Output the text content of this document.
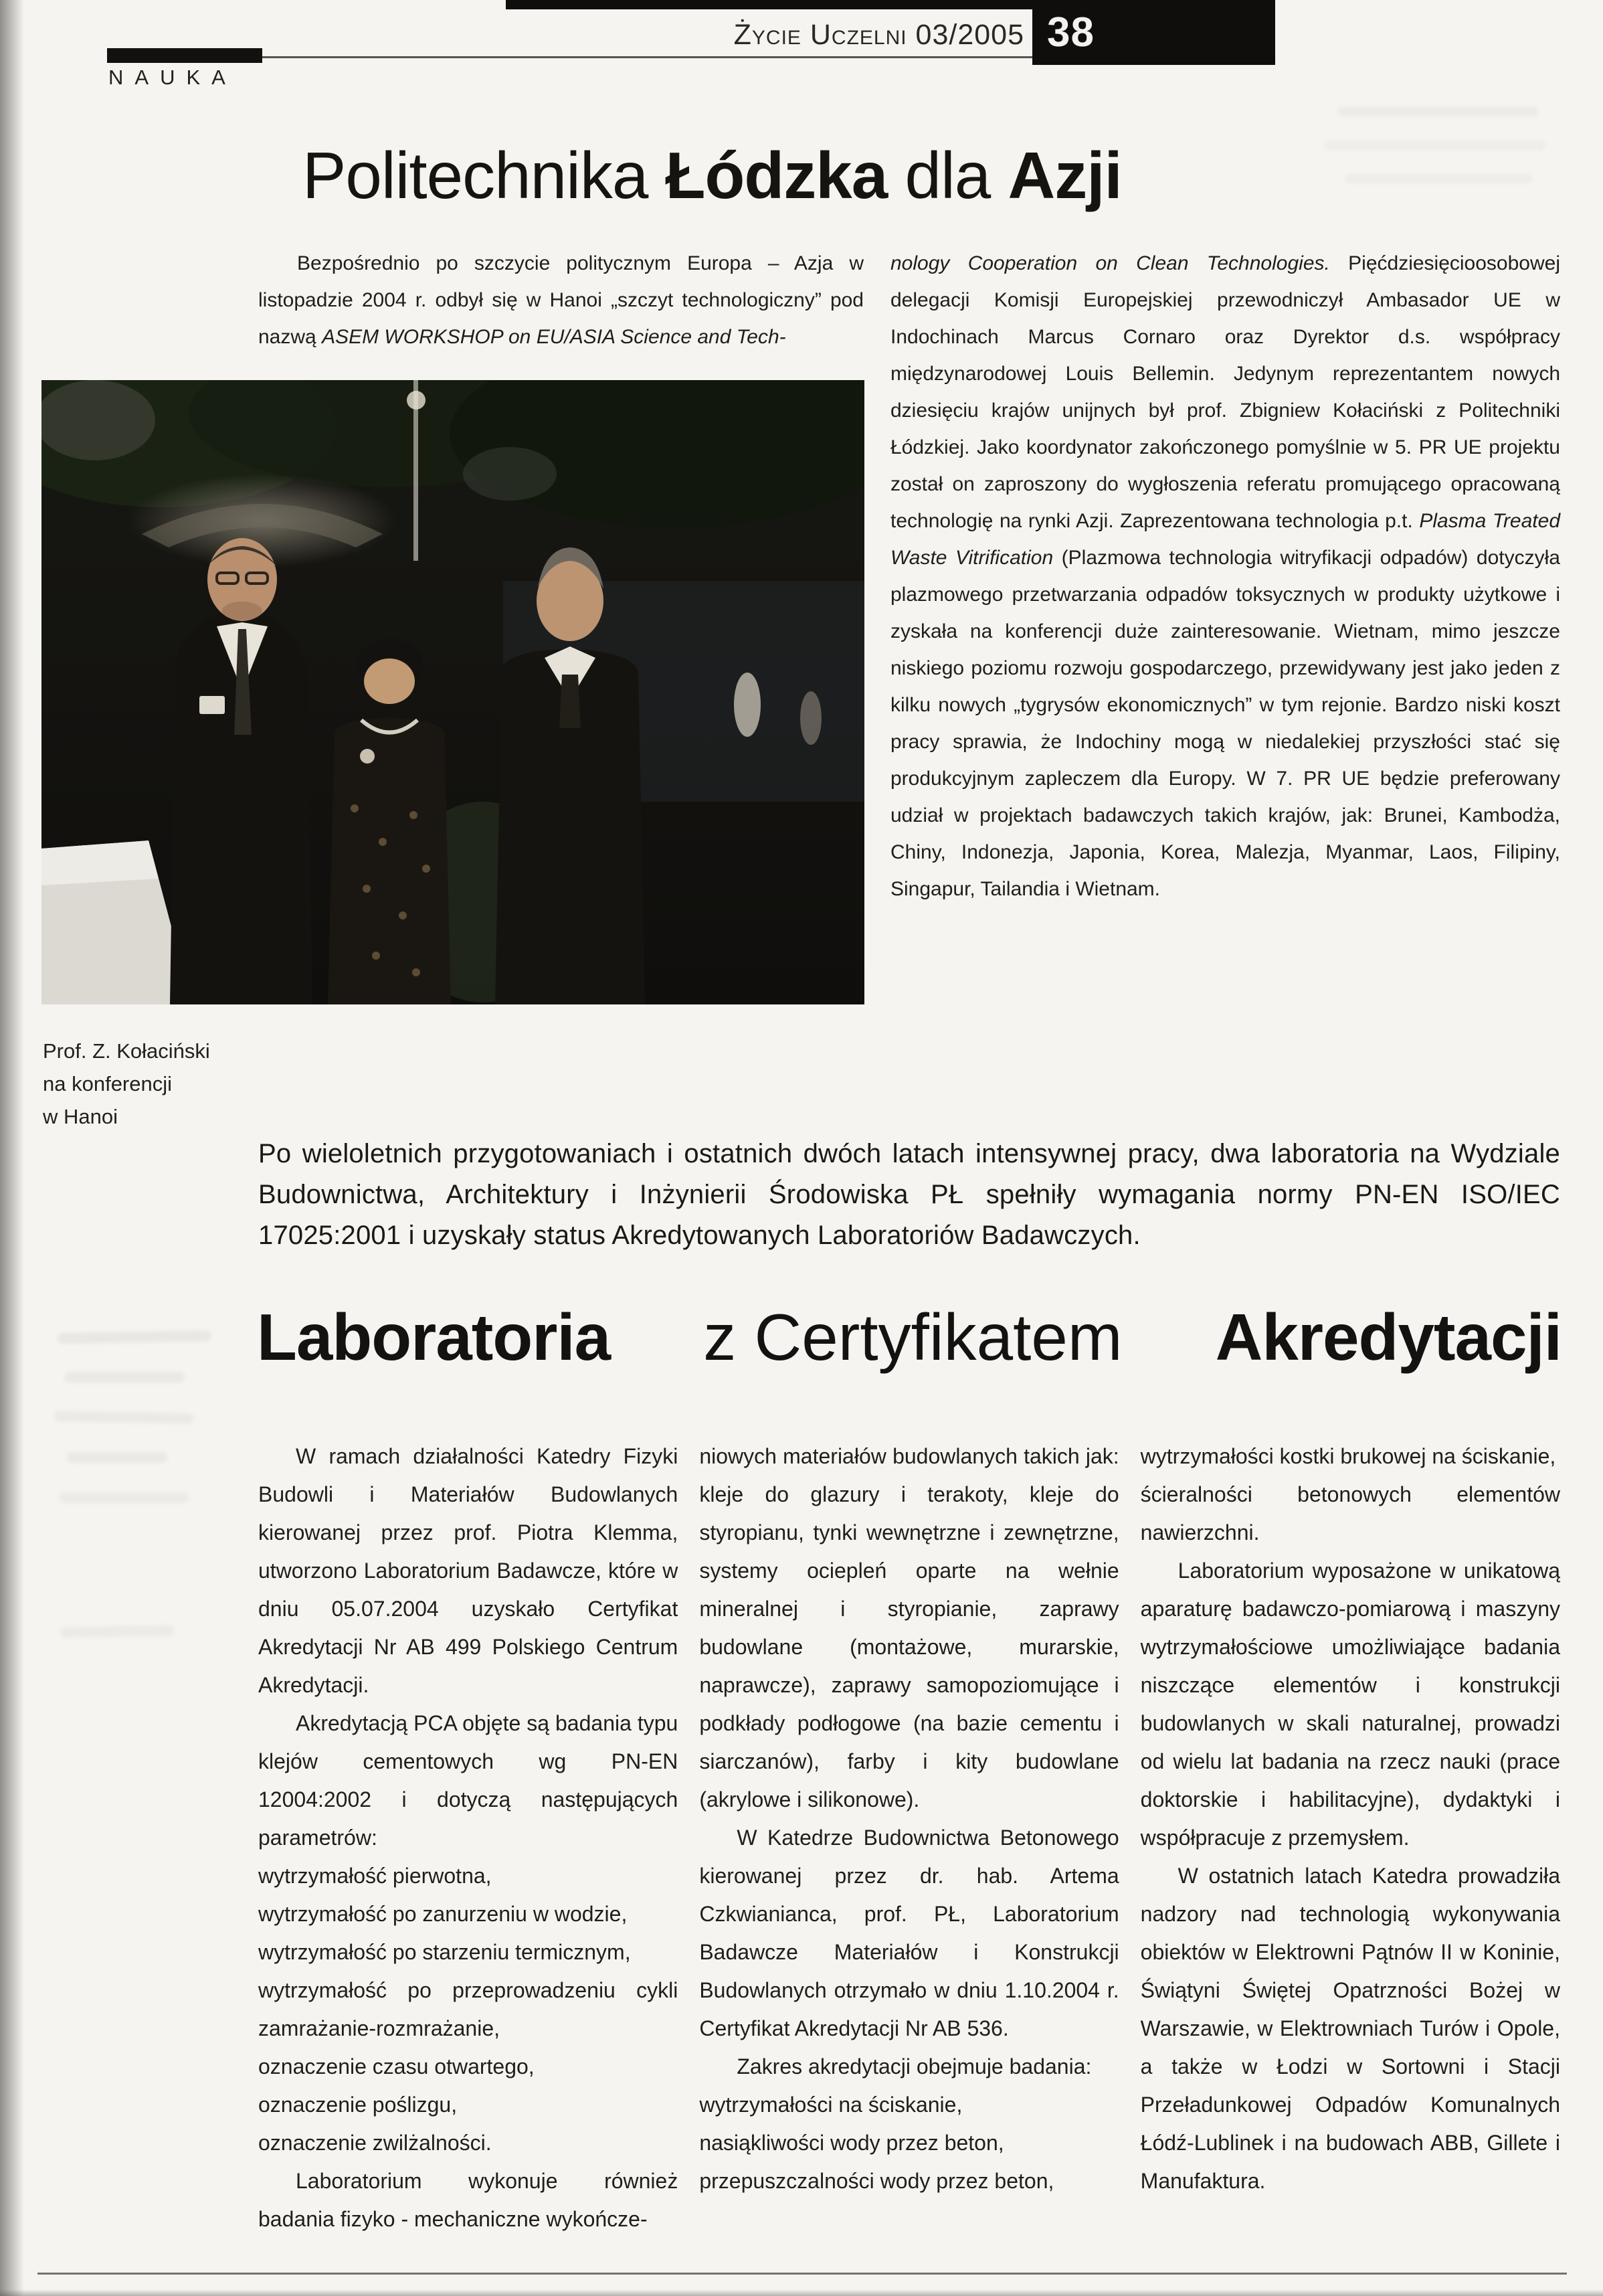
NAUKA
Życie Uczelni 03/2005 38
Politechnika Łódzka dla Azji

Bezpośrednio po szczycie politycznym Europa – Azja w listopadzie 2004 r. odbył się w Hanoi „szczyt technologiczny” pod nazwą ASEM WORKSHOP on EU/ASIA Science and Tech-

nology Cooperation on Clean Technologies. Pięćdziesięcioosobowej delegacji Komisji Europejskiej przewodniczył Ambasador UE w Indochinach Marcus Cornaro oraz Dyrektor d.s. współpracy międzynarodowej Louis Bellemin. Jedynym reprezentantem nowych dziesięciu krajów unijnych był prof. Zbigniew Kołaciński z Politechniki Łódzkiej. Jako koordynator zakończonego pomyślnie w 5. PR UE projektu został on zaproszony do wygłoszenia referatu promującego opracowaną technologię na rynki Azji. Zaprezentowana technologia p.t. Plasma Treated Waste Vitrification (Plazmowa technologia witryfikacji odpadów) dotyczyła plazmowego przetwarzania odpadów toksycznych w produkty użytkowe i zyskała na konferencji duże zainteresowanie. Wietnam, mimo jeszcze niskiego poziomu rozwoju gospodarczego, przewidywany jest jako jeden z kilku nowych „tygrysów ekonomicznych” w tym rejonie. Bardzo niski koszt pracy sprawia, że Indochiny mogą w niedalekiej przyszłości stać się produkcyjnym zapleczem dla Europy. W 7. PR UE będzie preferowany udział w projektach badawczych takich krajów, jak: Brunei, Kambodża, Chiny, Indonezja, Japonia, Korea, Malezja, Myanmar, Laos, Filipiny, Singapur, Tailandia i Wietnam.

Prof. Z. Kołaciński

na konferencji

w Hanoi

Po wieloletnich przygotowaniach i ostatnich dwóch latach intensywnej pracy, dwa laboratoria na Wydziale Budownictwa, Architektury i Inżynierii Środowiska PŁ spełniły wymagania normy PN-EN ISO/IEC 17025:2001 i uzyskały status Akredytowanych Laboratoriów Badawczych.

Laboratoria z Certyfikatem Akredytacji

W ramach działalności Katedry Fizyki Budowli i Materiałów Budowlanych kierowanej przez prof. Piotra Klemma, utworzono Laboratorium Badawcze, które w dniu 05.07.2004 uzyskało Certyfikat Akredytacji Nr AB 499 Polskiego Centrum Akredytacji.

Akredytacją PCA objęte są badania typu klejów cementowych wg PN-EN 12004:2002 i dotyczą następujących parametrów:

wytrzymałość pierwotna,

wytrzymałość po zanurzeniu w wodzie,

wytrzymałość po starzeniu termicznym,

wytrzymałość po przeprowadzeniu cykli zamrażanie-rozmrażanie,

oznaczenie czasu otwartego,

oznaczenie poślizgu,

oznaczenie zwilżalności.

Laboratorium wykonuje również badania fizyko - mechaniczne wykończe-

niowych materiałów budowlanych takich jak: kleje do glazury i terakoty, kleje do styropianu, tynki wewnętrzne i zewnętrzne, systemy ociepleń oparte na wełnie mineralnej i styropianie, zaprawy budowlane (montażowe, murarskie, naprawcze), zaprawy samopoziomujące i podkłady podłogowe (na bazie cementu i siarczanów), farby i kity budowlane (akrylowe i silikonowe).

W Katedrze Budownictwa Betonowego kierowanej przez dr. hab. Artema Czkwianianca, prof. PŁ, Laboratorium Badawcze Materiałów i Konstrukcji Budowlanych otrzymało w dniu 1.10.2004 r. Certyfikat Akredytacji Nr AB 536.

Zakres akredytacji obejmuje badania:

wytrzymałości na ściskanie,

nasiąkliwości wody przez beton,

przepuszczalności wody przez beton,

wytrzymałości kostki brukowej na ściskanie,

ścieralności betonowych elementów nawierzchni.

Laboratorium wyposażone w unikatową aparaturę badawczo-pomiarową i maszyny wytrzymałościowe umożliwiające badania niszczące elementów i konstrukcji budowlanych w skali naturalnej, prowadzi od wielu lat badania na rzecz nauki (prace doktorskie i habilitacyjne), dydaktyki i współpracuje z przemysłem.

W ostatnich latach Katedra prowadziła nadzory nad technologią wykonywania obiektów w Elektrowni Pątnów II w Koninie, Świątyni Świętej Opatrzności Bożej w Warszawie, w Elektrowniach Turów i Opole, a także w Łodzi w Sortowni i Stacji Przeładunkowej Odpadów Komunalnych Łódź-Lublinek i na budowach ABB, Gillete i Manufaktura.
